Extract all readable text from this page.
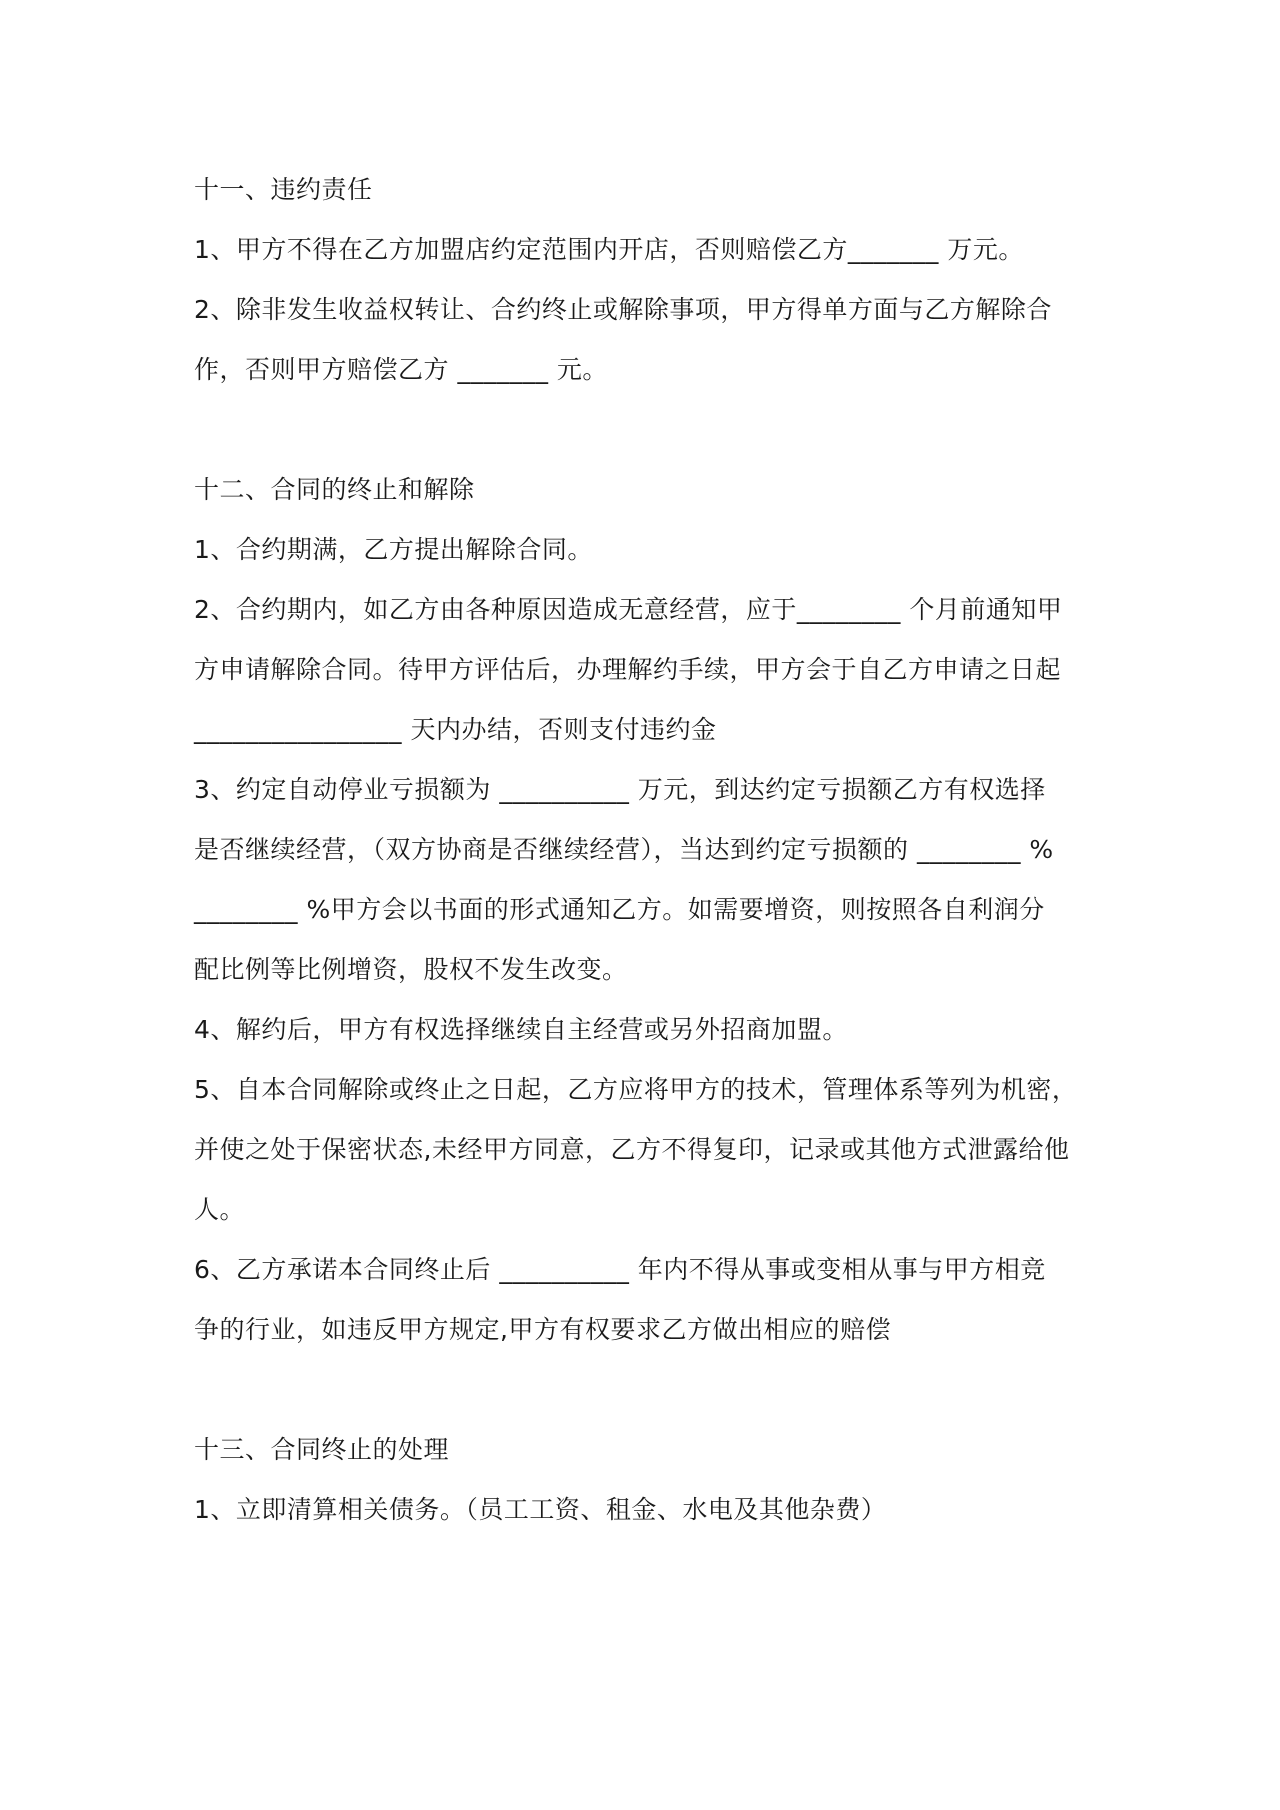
十一、违约责任

1、甲方不得在乙方加盟店约定范围内开店，否则赔偿乙方_______ 万元。

2、除非发生收益权转让、合约终止或解除事项，甲方得单方面与乙方解除合

作，否则甲方赔偿乙方 _______ 元。

十二、合同的终止和解除

1、合约期满，乙方提出解除合同。

2、合约期内，如乙方由各种原因造成无意经营，应于________ 个月前通知甲

方申请解除合同。待甲方评估后，办理解约手续，甲方会于自乙方申请之日起

________________ 天内办结，否则支付违约金

3、约定自动停业亏损额为 __________ 万元，到达约定亏损额乙方有权选择

是否继续经营，（双方协商是否继续经营），当达到约定亏损额的 ________ %

________ %甲方会以书面的形式通知乙方。如需要增资，则按照各自利润分

配比例等比例增资，股权不发生改变。

4、解约后，甲方有权选择继续自主经营或另外招商加盟。

5、自本合同解除或终止之日起，乙方应将甲方的技术，管理体系等列为机密，

并使之处于保密状态,未经甲方同意，乙方不得复印，记录或其他方式泄露给他

人。

6、乙方承诺本合同终止后 __________ 年内不得从事或变相从事与甲方相竞

争的行业，如违反甲方规定,甲方有权要求乙方做出相应的赔偿

十三、合同终止的处理

1、立即清算相关债务。（员工工资、租金、水电及其他杂费）
